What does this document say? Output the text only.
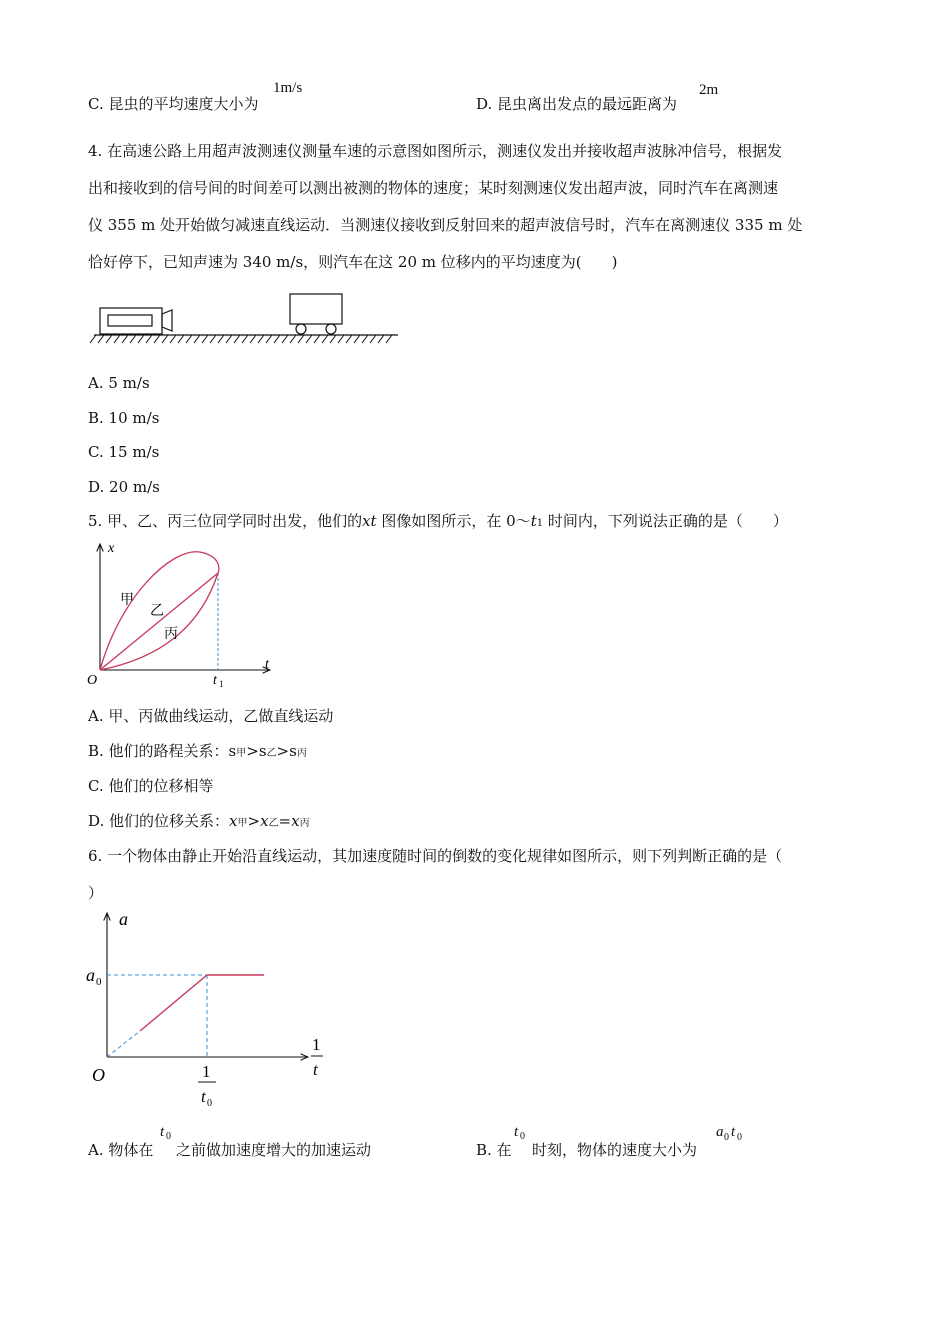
C. 昆虫的平均速度大小为
1m/s
D. 昆虫离出发点的最远距离为
2m
4. 在高速公路上用超声波测速仪测量车速的示意图如图所示，测速仪发出并接收超声波脉冲信号，根据发
出和接收到的信号间的时间差可以测出被测的物体的速度；某时刻测速仪发出超声波，同时汽车在离测速
仪 355 m 处开始做匀减速直线运动．当测速仪接收到反射回来的超声波信号时，汽车在离测速仪 335 m 处
恰好停下，已知声速为 340 m/s，则汽车在这 20 m 位移内的平均速度为(　　)
A. 5 m/s
B. 10 m/s
C. 15 m/s
D. 20 m/s
5. 甲、乙、丙三位同学同时出发，他们的xt 图像如图所示，在 0～t1 时间内，下列说法正确的是（　　）
x
t
O	t 1
甲
乙
丙
A. 甲、丙做曲线运动，乙做直线运动
B. 他们的路程关系：s甲>s乙>s丙
C. 他们的位移相等
D. 他们的位移关系：x甲>x乙=x丙
6. 一个物体由静止开始沿直线运动，其加速度随时间的倒数的变化规律如图所示，则下列判断正确的是（
）
a
a 0
O
1
t
1
t 0
A. 物体在
t 0
之前做加速度增大的加速运动	B. 在
t 0
时刻，物体的速度大小为
a 0 t 0
